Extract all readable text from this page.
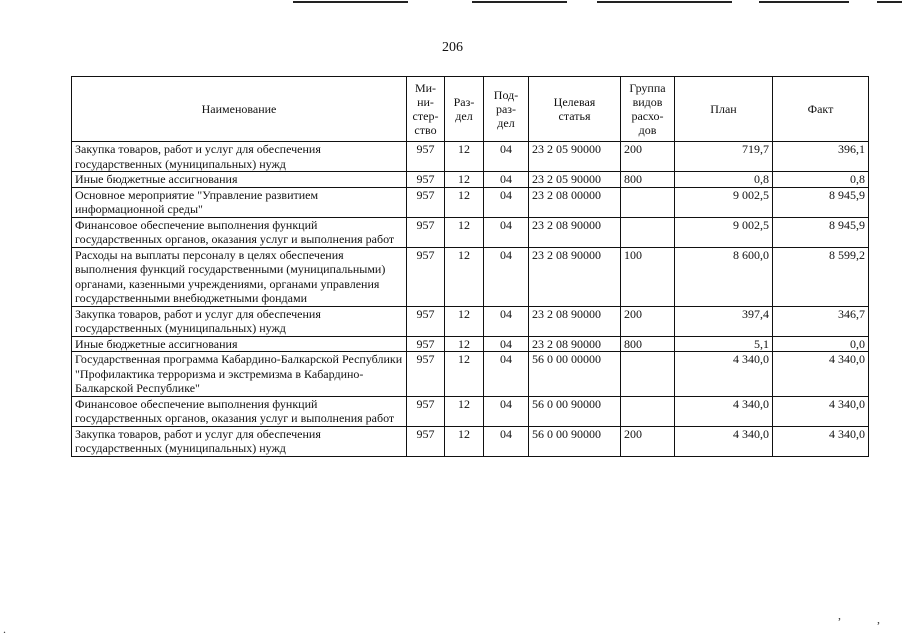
206
Наименование	Ми-
ни-
стер-
ство	Раз-
дел	Под-
раз-
дел	Целевая
статья	Группа
видов
расхо-
дов	План	Факт
Закупка товаров, работ и услуг для обеспечения государственных (муниципальных) нужд	957	12	04	23 2 05 90000	200	719,7	396,1
Иные бюджетные ассигнования	957	12	04	23 2 05 90000	800	0,8	0,8
Основное мероприятие "Управление развитием информационной среды"	957	12	04	23 2 08 00000		9 002,5	8 945,9
Финансовое обеспечение выполнения функций государственных органов, оказания услуг и выполнения работ	957	12	04	23 2 08 90000		9 002,5	8 945,9
Расходы на выплаты персоналу в целях обеспечения выполнения функций государственными (муниципальными) органами, казенными учреждениями, органами управления государственными внебюджетными фондами	957	12	04	23 2 08 90000	100	8 600,0	8 599,2
Закупка товаров, работ и услуг для обеспечения государственных (муниципальных) нужд	957	12	04	23 2 08 90000	200	397,4	346,7
Иные бюджетные ассигнования	957	12	04	23 2 08 90000	800	5,1	0,0
Государственная программа Кабардино-Балкарской Республики "Профилактика терроризма и экстремизма в Кабардино-Балкарской Республике"	957	12	04	56 0 00 00000		4 340,0	4 340,0
Финансовое обеспечение выполнения функций государственных органов, оказания услуг и выполнения работ	957	12	04	56 0 00 90000		4 340,0	4 340,0
Закупка товаров, работ и услуг для обеспечения государственных (муниципальных) нужд	957	12	04	56 0 00 90000	200	4 340,0	4 340,0
,	,
.
